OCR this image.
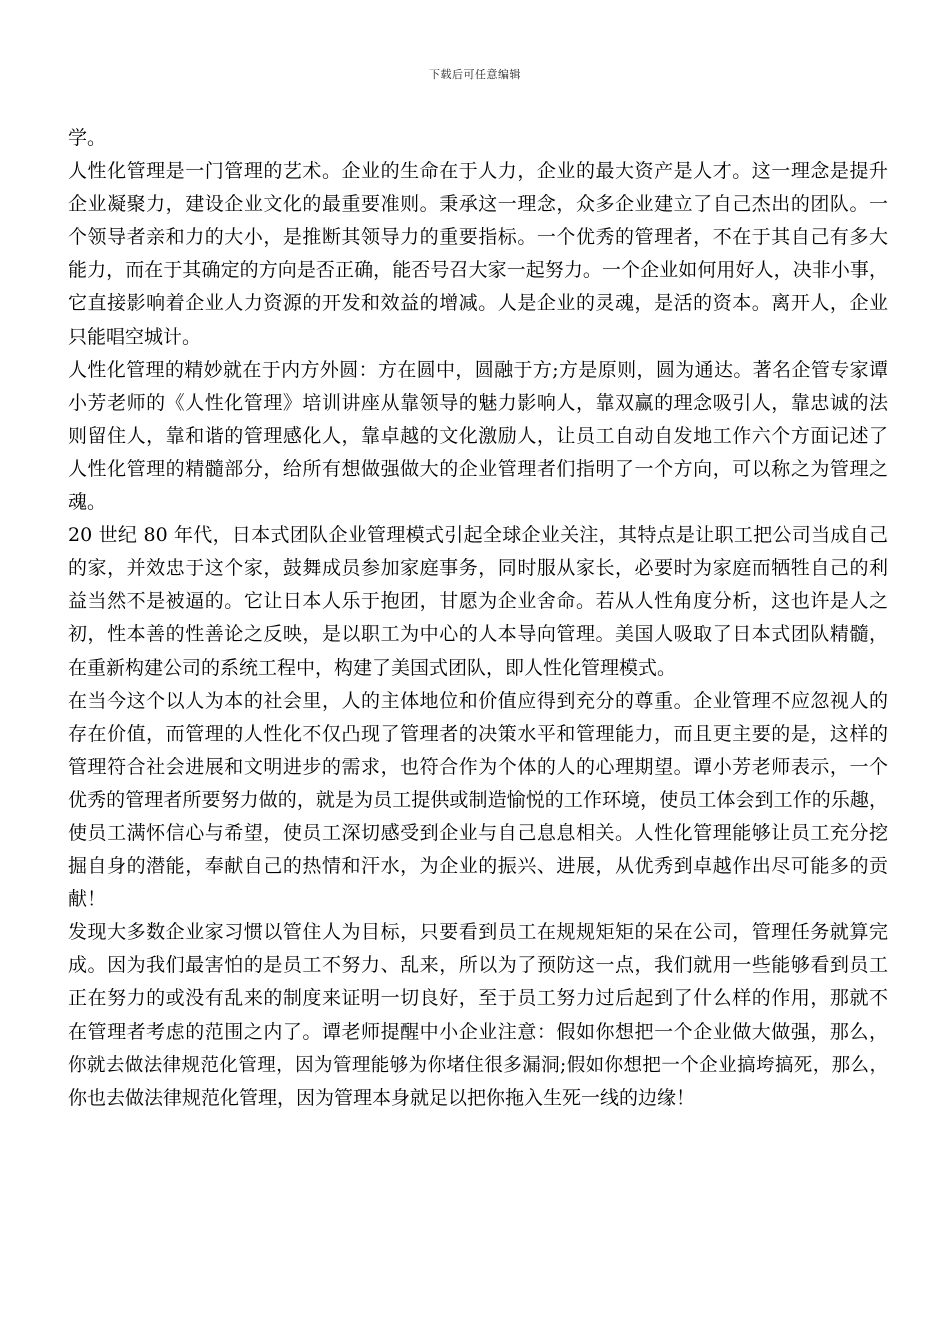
下载后可任意编辑
学。
人性化管理是一门管理的艺术。企业的生命在于人力，企业的最大资产是人才。这一理念是提升
企业凝聚力，建设企业文化的最重要准则。秉承这一理念，众多企业建立了自己杰出的团队。一
个领导者亲和力的大小，是推断其领导力的重要指标。一个优秀的管理者，不在于其自己有多大
能力，而在于其确定的方向是否正确，能否号召大家一起努力。一个企业如何用好人，决非小事，
它直接影响着企业人力资源的开发和效益的增减。人是企业的灵魂，是活的资本。离开人，企业
只能唱空城计。
人性化管理的精妙就在于内方外圆：方在圆中，圆融于方;方是原则，圆为通达。著名企管专家谭
小芳老师的《人性化管理》培训讲座从靠领导的魅力影响人，靠双赢的理念吸引人，靠忠诚的法
则留住人，靠和谐的管理感化人，靠卓越的文化激励人，让员工自动自发地工作六个方面记述了
人性化管理的精髓部分，给所有想做强做大的企业管理者们指明了一个方向，可以称之为管理之
魂。
20 世纪 80 年代，日本式团队企业管理模式引起全球企业关注，其特点是让职工把公司当成自己
的家，并效忠于这个家，鼓舞成员参加家庭事务，同时服从家长，必要时为家庭而牺牲自己的利
益当然不是被逼的。它让日本人乐于抱团，甘愿为企业舍命。若从人性角度分析，这也许是人之
初，性本善的性善论之反映，是以职工为中心的人本导向管理。美国人吸取了日本式团队精髓，
在重新构建公司的系统工程中，构建了美国式团队，即人性化管理模式。
在当今这个以人为本的社会里，人的主体地位和价值应得到充分的尊重。企业管理不应忽视人的
存在价值，而管理的人性化不仅凸现了管理者的决策水平和管理能力，而且更主要的是，这样的
管理符合社会进展和文明进步的需求，也符合作为个体的人的心理期望。谭小芳老师表示，一个
优秀的管理者所要努力做的，就是为员工提供或制造愉悦的工作环境，使员工体会到工作的乐趣，
使员工满怀信心与希望，使员工深切感受到企业与自己息息相关。人性化管理能够让员工充分挖
掘自身的潜能，奉献自己的热情和汗水，为企业的振兴、进展，从优秀到卓越作出尽可能多的贡
献！
发现大多数企业家习惯以管住人为目标，只要看到员工在规规矩矩的呆在公司，管理任务就算完
成。因为我们最害怕的是员工不努力、乱来，所以为了预防这一点，我们就用一些能够看到员工
正在努力的或没有乱来的制度来证明一切良好，至于员工努力过后起到了什么样的作用，那就不
在管理者考虑的范围之内了。谭老师提醒中小企业注意：假如你想把一个企业做大做强，那么，
你就去做法律规范化管理，因为管理能够为你堵住很多漏洞;假如你想把一个企业搞垮搞死，那么，
你也去做法律规范化管理，因为管理本身就足以把你拖入生死一线的边缘！
